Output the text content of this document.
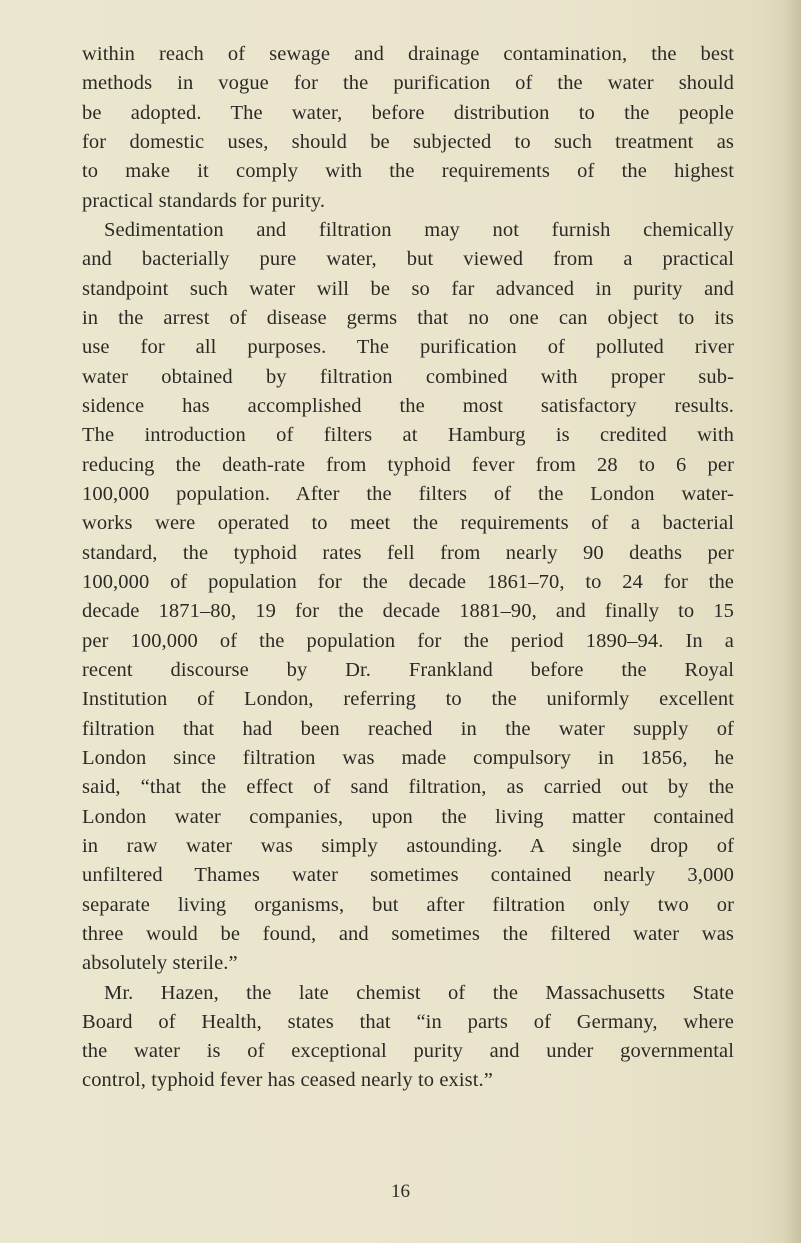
within reach of sewage and drainage contamination, the best
methods in vogue for the purification of the water should
be adopted. The water, before distribution to the people
for domestic uses, should be subjected to such treatment as
to make it comply with the requirements of the highest
practical standards for purity.
Sedimentation and filtration may not furnish chemically
and bacterially pure water, but viewed from a practical
standpoint such water will be so far advanced in purity and
in the arrest of disease germs that no one can object to its
use for all purposes. The purification of polluted river
water obtained by filtration combined with proper sub-
sidence has accomplished the most satisfactory results.
The introduction of filters at Hamburg is credited with
reducing the death-rate from typhoid fever from 28 to 6 per
100,000 population. After the filters of the London water-
works were operated to meet the requirements of a bacterial
standard, the typhoid rates fell from nearly 90 deaths per
100,000 of population for the decade 1861–70, to 24 for the
decade 1871–80, 19 for the decade 1881–90, and finally to 15
per 100,000 of the population for the period 1890–94. In a
recent discourse by Dr. Frankland before the Royal
Institution of London, referring to the uniformly excellent
filtration that had been reached in the water supply of
London since filtration was made compulsory in 1856, he
said, “that the effect of sand filtration, as carried out by the
London water companies, upon the living matter contained
in raw water was simply astounding. A single drop of
unfiltered Thames water sometimes contained nearly 3,000
separate living organisms, but after filtration only two or
three would be found, and sometimes the filtered water was
absolutely sterile.”
Mr. Hazen, the late chemist of the Massachusetts State
Board of Health, states that “in parts of Germany, where
the water is of exceptional purity and under governmental
control, typhoid fever has ceased nearly to exist.”
16
